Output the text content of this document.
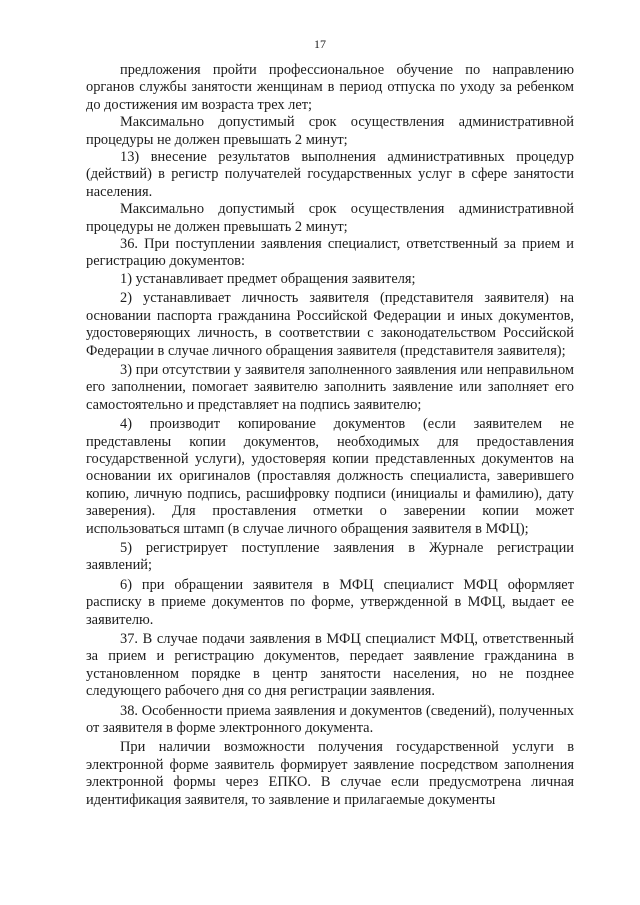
17

предложения пройти профессиональное обучение по направлению органов службы занятости женщинам в период отпуска по уходу за ребенком до достижения им возраста трех лет;

Максимально допустимый срок осуществления административной процедуры не должен превышать 2 минут;

13) внесение результатов выполнения административных процедур (действий) в регистр получателей государственных услуг в сфере занятости населения.

Максимально допустимый срок осуществления административной процедуры не должен превышать 2 минут;

36. При поступлении заявления специалист, ответственный за прием и регистрацию документов:

1) устанавливает предмет обращения заявителя;

2) устанавливает личность заявителя (представителя заявителя) на основании паспорта гражданина Российской Федерации и иных документов, удостоверяющих личность, в соответствии с законодательством Российской Федерации в случае личного обращения заявителя (представителя заявителя);

3) при отсутствии у заявителя заполненного заявления или неправильном его заполнении, помогает заявителю заполнить заявление или заполняет его самостоятельно и представляет на подпись заявителю;

4) производит копирование документов (если заявителем не представлены копии документов, необходимых для предоставления государственной услуги), удостоверяя копии представленных документов на основании их оригиналов (проставляя должность специалиста, заверившего копию, личную подпись, расшифровку подписи (инициалы и фамилию), дату заверения). Для проставления отметки о заверении копии может использоваться штамп (в случае личного обращения заявителя в МФЦ);

5) регистрирует поступление заявления в Журнале регистрации заявлений;

6) при обращении заявителя в МФЦ специалист МФЦ оформляет расписку в приеме документов по форме, утвержденной в МФЦ, выдает ее заявителю.

37. В случае подачи заявления в МФЦ специалист МФЦ, ответственный за прием и регистрацию документов, передает заявление гражданина в установленном порядке в центр занятости населения, но не позднее следующего рабочего дня со дня регистрации заявления.

38. Особенности приема заявления и документов (сведений), полученных от заявителя в форме электронного документа.

При наличии возможности получения государственной услуги в электронной форме заявитель формирует заявление посредством заполнения электронной формы через ЕПКО. В случае если предусмотрена личная идентификация заявителя, то заявление и прилагаемые документы
